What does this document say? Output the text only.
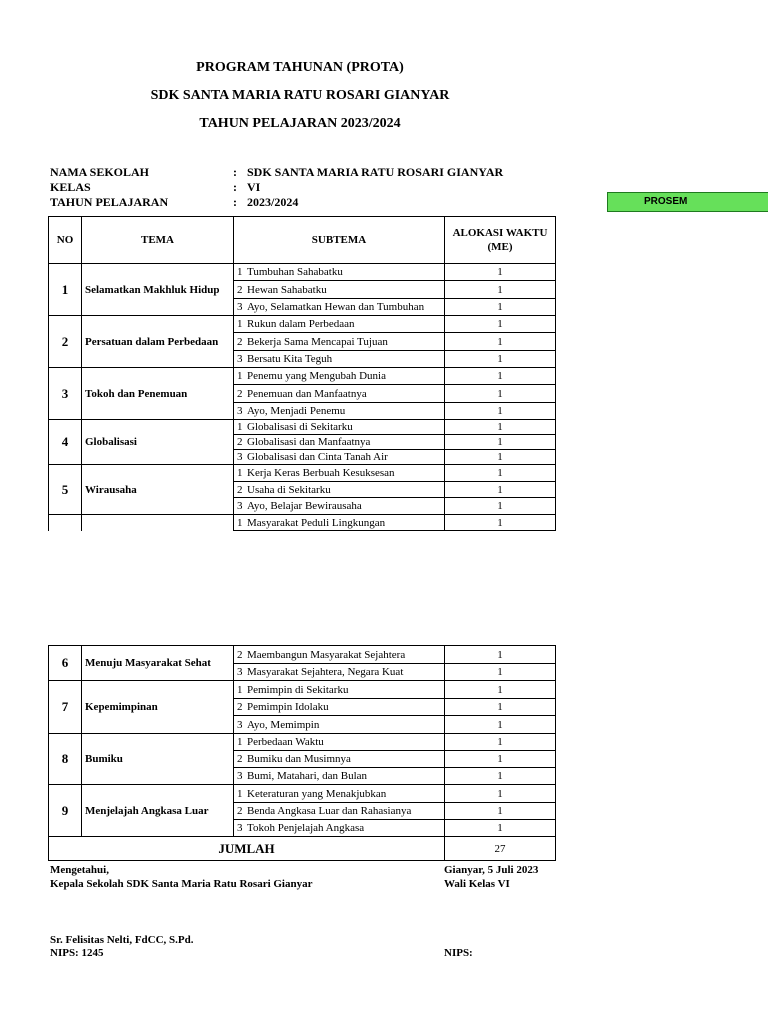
PROGRAM TAHUNAN (PROTA)
SDK SANTA MARIA RATU ROSARI GIANYAR
TAHUN PELAJARAN 2023/2024
NAMA SEKOLAH	: SDK SANTA MARIA RATU ROSARI GIANYAR
KELAS	: VI
TAHUN PELAJARAN	: 2023/2024	PROSEM
NO	TEMA	SUBTEMA	ALOKASI WAKTU (ME)
1	Selamatkan Makhluk Hidup	1 Tumbuhan Sahabatku	1
		2 Hewan Sahabatku	1
		3 Ayo, Selamatkan Hewan dan Tumbuhan	1
2	Persatuan dalam Perbedaan	1 Rukun dalam Perbedaan	1
		2 Bekerja Sama Mencapai Tujuan	1
		3 Bersatu Kita Teguh	1
3	Tokoh dan Penemuan	1 Penemu yang Mengubah Dunia	1
		2 Penemuan dan Manfaatnya	1
		3 Ayo, Menjadi Penemu	1
4	Globalisasi	1 Globalisasi di Sekitarku	1
		2 Globalisasi dan Manfaatnya	1
		3 Globalisasi dan Cinta Tanah Air	1
5	Wirausaha	1 Kerja Keras Berbuah Kesuksesan	1
		2 Usaha di Sekitarku	1
		3 Ayo, Belajar Bewirausaha	1
		1 Masyarakat Peduli Lingkungan	1
6	Menuju Masyarakat Sehat	2 Maembangun Masyarakat Sejahtera	1
		3 Masyarakat Sejahtera, Negara Kuat	1
7	Kepemimpinan	1 Pemimpin di Sekitarku	1
		2 Pemimpin Idolaku	1
		3 Ayo, Memimpin	1
8	Bumiku	1 Perbedaan Waktu	1
		2 Bumiku dan Musimnya	1
		3 Bumi, Matahari, dan Bulan	1
9	Menjelajah Angkasa Luar	1 Keteraturan yang Menakjubkan	1
		2 Benda Angkasa Luar dan Rahasianya	1
		3 Tokoh Penjelajah Angkasa	1
JUMLAH			27
Mengetahui,
Kepala Sekolah SDK Santa Maria Ratu Rosari Gianyar
Gianyar, 5 Juli 2023
Wali Kelas VI
Sr. Felisitas Nelti, FdCC, S.Pd.
NIPS: 1245	NIPS:
